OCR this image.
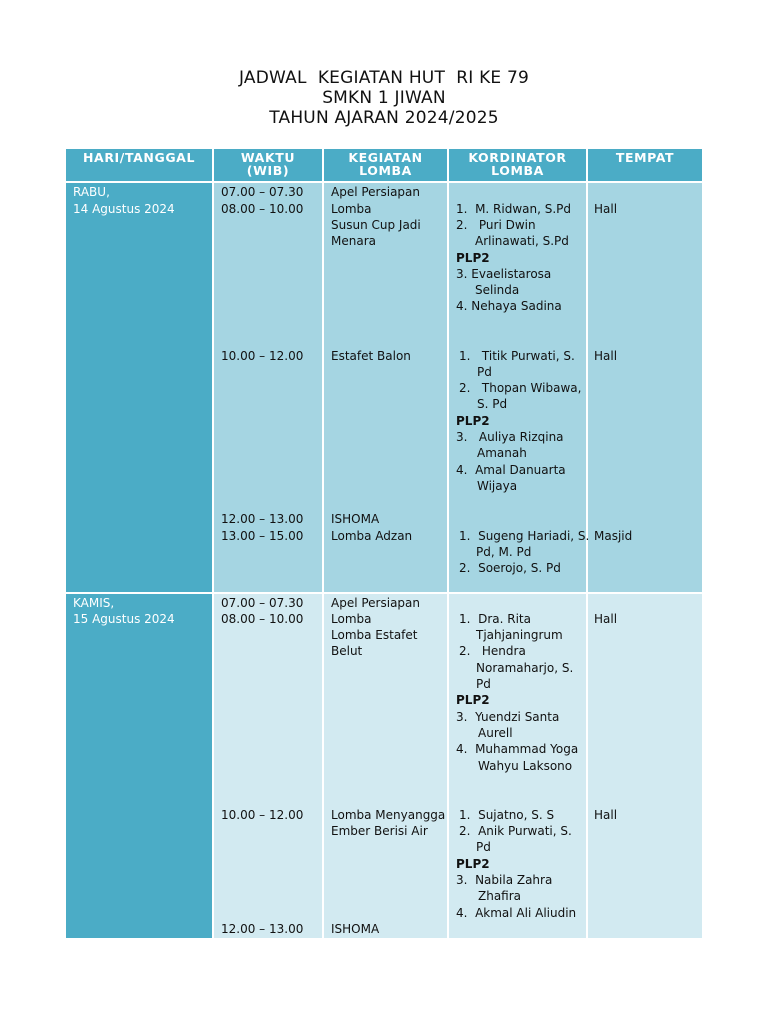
JADWAL  KEGIATAN HUT  RI KE 79
SMKN 1 JIWAN
TAHUN AJARAN 2024/2025
HARI/TANGGAL	WAKTU
(WIB)
KEGIATAN
LOMBA
KORDINATOR
LOMBA
TEMPAT
RABU,
14 Agustus 2024
07.00 – 07.30
08.00 – 10.00
10.00 – 12.00
12.00 – 13.00
13.00 – 15.00
Apel Persiapan
Lomba
Susun Cup Jadi
Menara
Estafet Balon
ISHOMA
Lomba Adzan
1.  M. Ridwan, S.Pd
2.   Puri Dwin
Arlinawati, S.Pd
PLP2
3. Evaelistarosa
Selinda
4. Nehaya Sadina
1.   Titik Purwati, S.
Pd
2.   Thopan Wibawa,
S. Pd
PLP2
3.   Auliya Rizqina
Amanah
4.  Amal Danuarta
Wijaya
1.  Sugeng Hariadi, S.
Pd, M. Pd
2.  Soerojo, S. Pd
Hall
Hall
Masjid
KAMIS,
15 Agustus 2024
07.00 – 07.30
08.00 – 10.00
10.00 – 12.00
12.00 – 13.00
Apel Persiapan
Lomba
Lomba Estafet
Belut
Lomba Menyangga
Ember Berisi Air
ISHOMA
1.  Dra. Rita
Tjahjaningrum
2.   Hendra
Noramaharjo, S.
Pd
PLP2
3.  Yuendzi Santa
Aurell
4.  Muhammad Yoga
Wahyu Laksono
1.  Sujatno, S. S
2.  Anik Purwati, S.
Pd
PLP2
3.  Nabila Zahra
Zhafira
4.  Akmal Ali Aliudin
Hall
Hall
